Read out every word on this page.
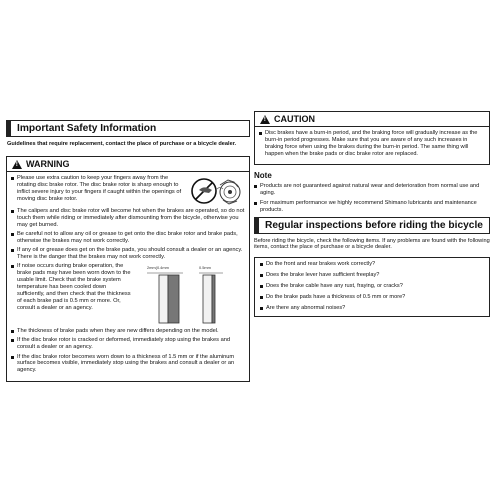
Important Safety Information
Guidelines that require replacement, contact the place of purchase or a bicycle dealer.
!
WARNING
Please use extra caution to keep your fingers away from the rotating disc brake rotor. The disc brake rotor is sharp enough to inflict severe injury to your fingers if caught within the openings of moving disc brake rotor.
The calipers and disc brake rotor will become hot when the brakes are operated, so do not touch them while riding or immediately after dismounting from the bicycle, otherwise you may get burned.
Be careful not to allow any oil or grease to get onto the disc brake rotor and brake pads, otherwise the brakes may not work correctly.
If any oil or grease does get on the brake pads, you should consult a dealer or an agency. There is the danger that the brakes may not work correctly.
If noise occurs during brake operation, the brake pads may have been worn down to the usable limit. Check that the brake system temperature has been cooled down sufficiently, and then check that the thickness of each brake pad is 0.5 mm or more. Or, consult a dealer or an agency.
2mm(0.4mm	0.5mm
The thickness of brake pads when they are new differs depending on the model.
If the disc brake rotor is cracked or deformed, immediately stop using the brakes and consult a dealer or an agency.
If the disc brake rotor becomes worn down to a thickness of 1.5 mm or if the aluminum surface becomes visible, immediately stop using the brakes and consult a dealer or an agency.
!
CAUTION
Disc brakes have a burn-in period, and the braking force will gradually increase as the burn-in period progresses. Make sure that you are aware of any such increases in braking force when using the brakes during the burn-in period. The same thing will happen when the brake pads or disc brake rotor are replaced.
Note
Products are not guaranteed against natural wear and deterioration from normal use and aging.
For maximum performance we highly recommend Shimano lubricants and maintenance products.
Regular inspections before riding the bicycle
Before riding the bicycle, check the following items. If any problems are found with the following items, contact the place of purchase or a bicycle dealer.
Do the front and rear brakes work correctly?
Does the brake lever have sufficient freeplay?
Does the brake cable have any rust, fraying, or cracks?
Do the brake pads have a thickness of 0.5 mm or more?
Are there any abnormal noises?
